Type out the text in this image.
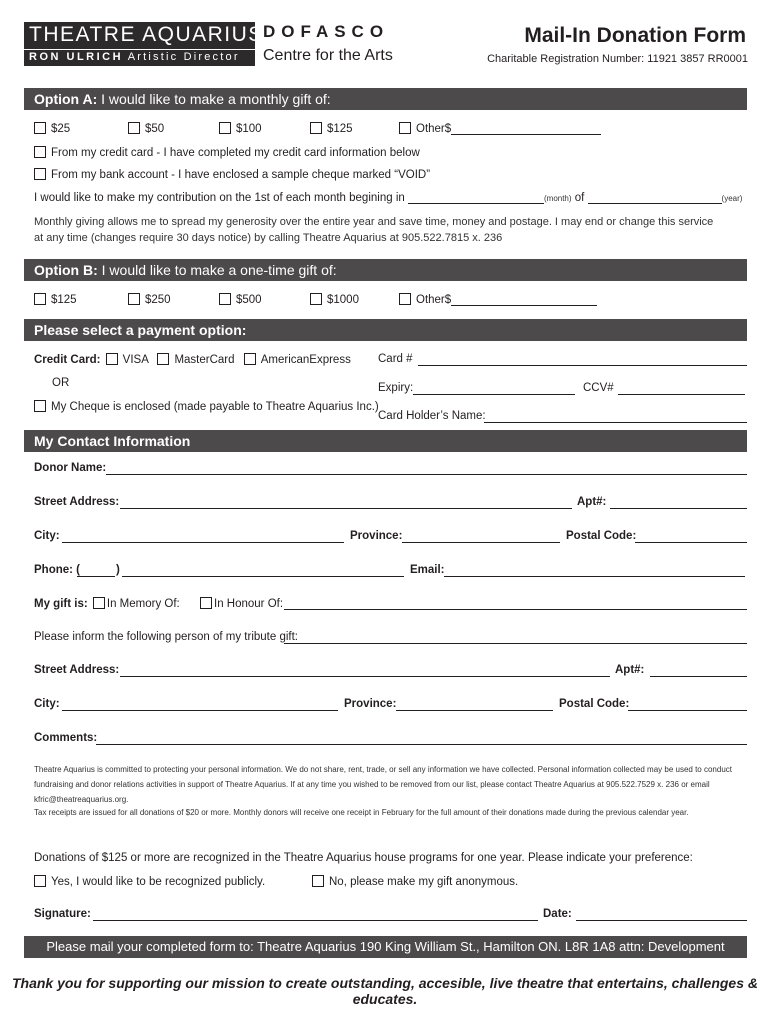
THEATRE AQUARIUS
RON ULRICH Artistic Director
DOFASCO
Centre for the Arts
Mail-In Donation Form
Charitable Registration Number: 11921 3857 RR0001
Option A: I would like to make a monthly gift of:
$25	$50	$100	$125	Other$
From my credit card - I have completed my credit card information below
From my bank account - I have enclosed a sample cheque marked “VOID”
I would like to make my contribution on the 1st of each month begining in	(month) of	(year)
Monthly giving allows me to spread my generosity over the entire year and save time, money and postage. I may end or change this service at any time (changes require 30 days notice) by calling Theatre Aquarius at 905.522.7815 x. 236
Option B: I would like to make a one-time gift of:
$125	$250	$500	$1000	Other$
Please select a payment option:
Credit Card: VISA MasterCard AmericanExpress
OR
My Cheque is enclosed (made payable to Theatre Aquarius Inc.)
Card #
Expiry:	CCV#
Card Holder’s Name:
My Contact Information
Donor Name:
Street Address:	Apt#:
City:	Province:	Postal Code:
Phone: (	)	Email:
My gift is: In Memory Of:	In Honour Of:
Please inform the following person of my tribute gift:
Street Address:	Apt#:
City:	Province:	Postal Code:
Comments:
Theatre Aquarius is committed to protecting your personal information. We do not share, rent, trade, or sell any information we have collected. Personal information collected may be used to conduct fundraising and donor relations activities in support of Theatre Aquarius. If at any time you wished to be removed from our list, please contact Theatre Aquarius at 905.522.7529 x. 236 or email kfric@theatreaquarius.org.
Tax receipts are issued for all donations of $20 or more. Monthly donors will receive one receipt in February for the full amount of their donations made during the previous calendar year.
Donations of $125 or more are recognized in the Theatre Aquarius house programs for one year. Please indicate your preference:
Yes, I would like to be recognized publicly.	No, please make my gift anonymous.
Signature:	Date:
Please mail your completed form to: Theatre Aquarius 190 King William St., Hamilton ON. L8R 1A8 attn: Development
Thank you for supporting our mission to create outstanding, accesible, live theatre that entertains, challenges & educates.
